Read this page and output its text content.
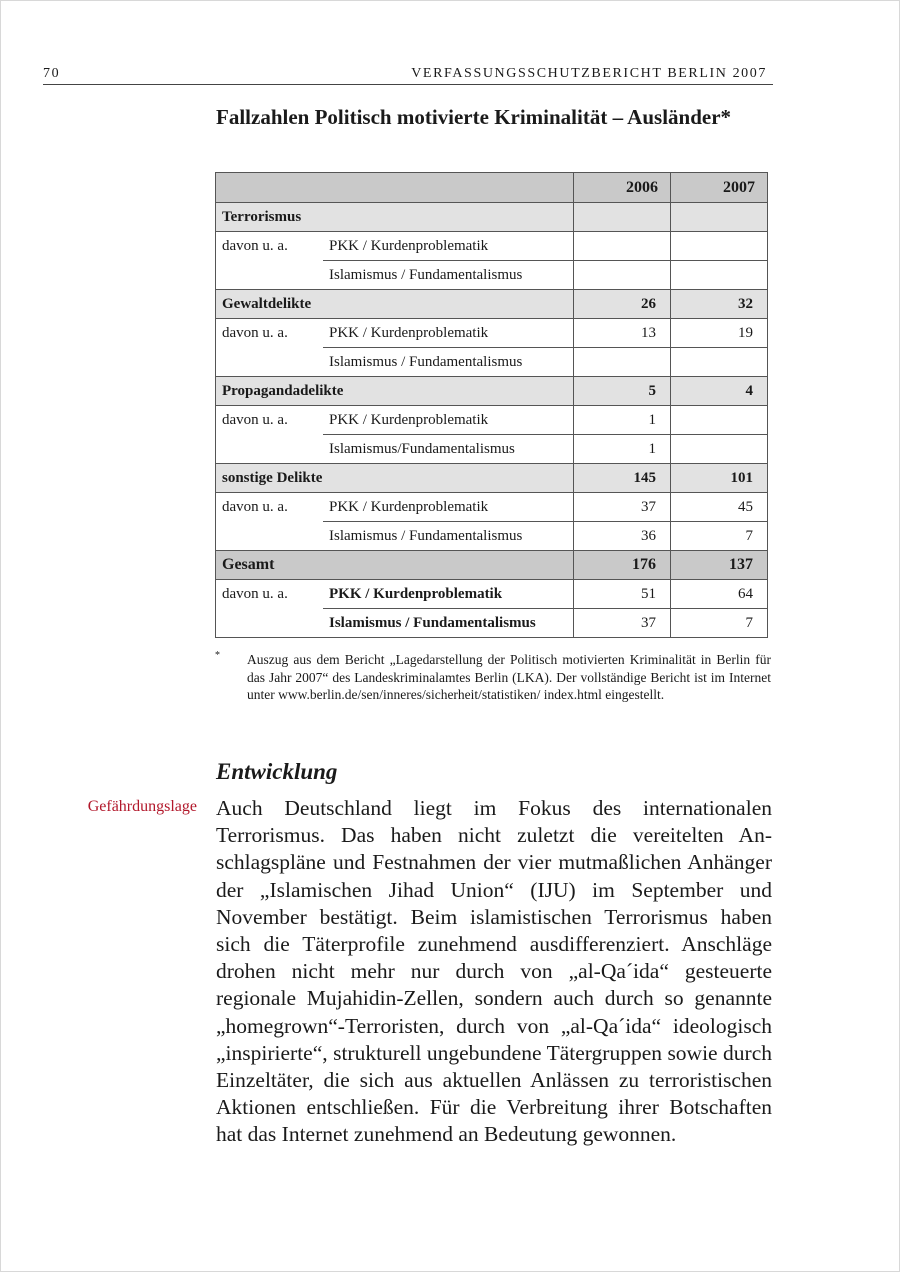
70	VERFASSUNGSSCHUTZBERICHT BERLIN 2007
Fallzahlen Politisch motivierte Kriminalität – Ausländer*
		2006	2007
Terrorismus			
davon u. a.	PKK / Kurdenproblematik		
	Islamismus / Fundamentalismus		
Gewaltdelikte		26	32
davon u. a.	PKK / Kurdenproblematik	13	19
	Islamismus / Fundamentalismus		
Propagandadelikte		5	4
davon u. a.	PKK / Kurdenproblematik	1	
	Islamismus/Fundamentalismus	1	
sonstige Delikte		145	101
davon u. a.	PKK / Kurdenproblematik	37	45
	Islamismus / Fundamentalismus	36	7
Gesamt		176	137
davon u. a.	PKK / Kurdenproblematik	51	64
	Islamismus / Fundamentalismus	37	7
* Auszug aus dem Bericht „Lagedarstellung der Politisch motivierten Kriminalität in Berlin für das Jahr 2007“ des Landeskriminalamtes Berlin (LKA). Der vollständige Bericht ist im Internet unter www.berlin.de/sen/inneres/sicherheit/statistiken/ index.html eingestellt.
Entwicklung
Gefährdungslage Auch Deutschland liegt im Fokus des internationalen Terrorismus. Das haben nicht zuletzt die vereitelten Anschlagspläne und Festnahmen der vier mutmaßlichen Anhänger der „Islamischen Jihad Union“ (IJU) im September und November bestätigt. Beim islamistischen Terrorismus haben sich die Täterprofile zunehmend ausdifferenziert. Anschläge drohen nicht mehr nur durch von „al-Qa´ida“ gesteuerte regionale Mujahidin-Zellen, sondern auch durch so genannte „homegrown“-Terroristen, durch von „al-Qa´ida“ ideologisch „inspirierte“, strukturell ungebundene Tätergruppen sowie durch Einzeltäter, die sich aus aktuellen Anlässen zu terroristischen Aktionen entschließen. Für die Verbreitung ihrer Botschaften hat das Internet zunehmend an Bedeutung gewonnen.
